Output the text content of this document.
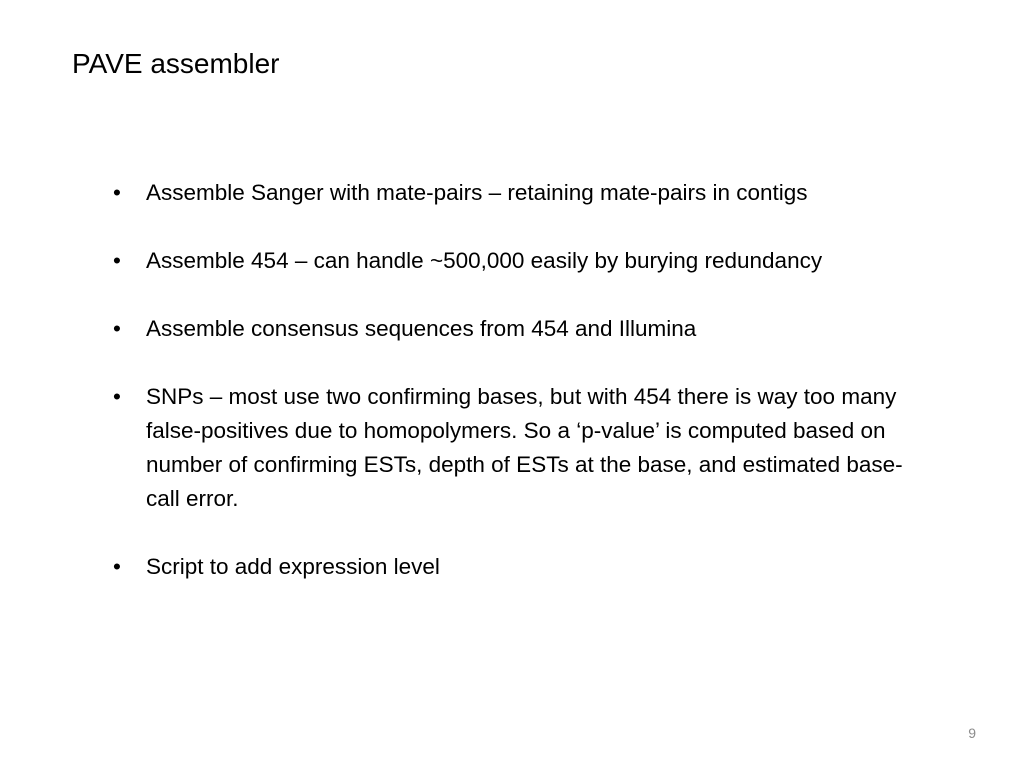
PAVE assembler
•	Assemble Sanger with mate-pairs – retaining mate-pairs in contigs
•	Assemble 454 – can handle ~500,000 easily by burying redundancy
•	Assemble consensus sequences from 454 and Illumina
•	SNPs – most use two confirming bases, but with 454 there is way too many false-positives due to homopolymers. So a ‘p-value’ is computed based on number of confirming ESTs, depth of ESTs at the base, and estimated base-call error.
•	Script to add expression level
9
